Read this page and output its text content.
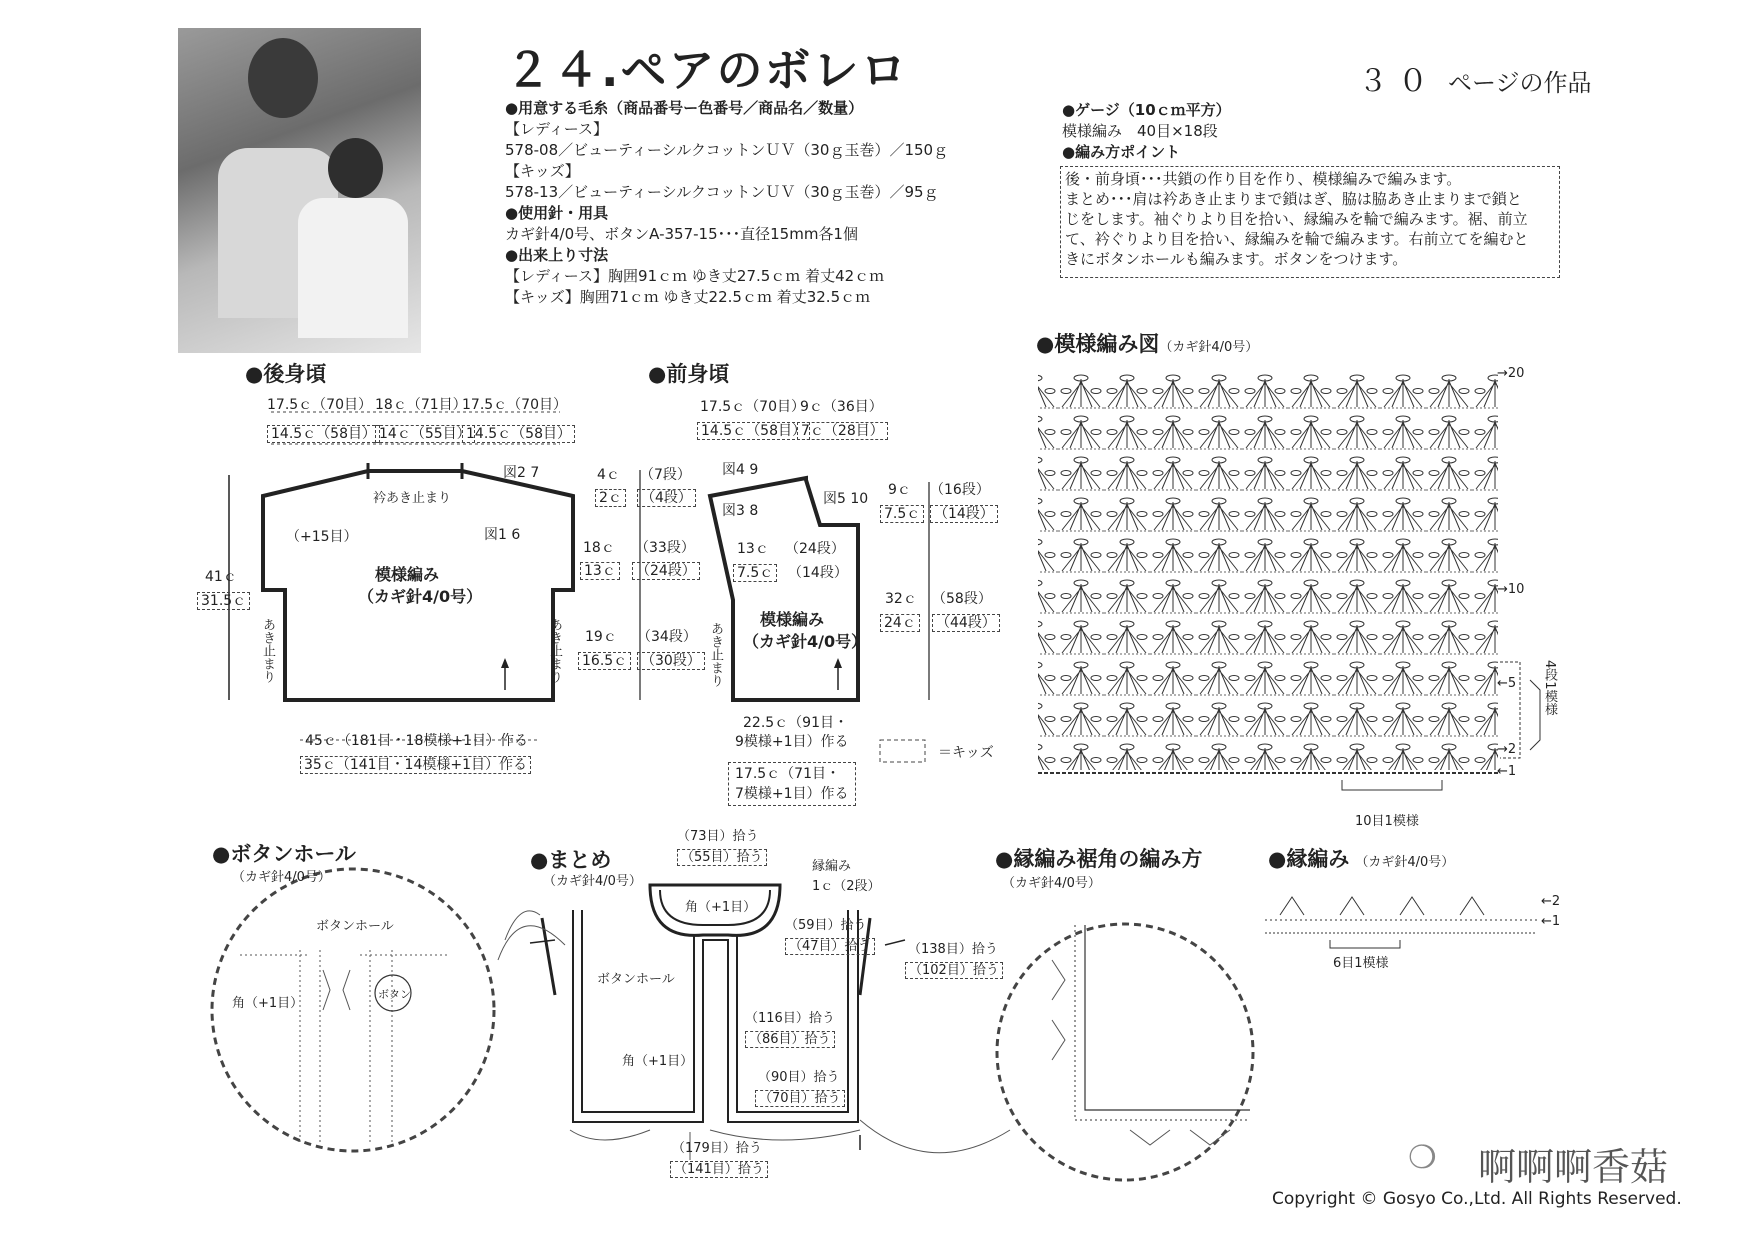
２４.ペアのボレロ	３０ ページの作品
●用意する毛糸（商品番号ー色番号／商品名／数量）
【レディース】
578-08／ビューティーシルクコットンＵＶ（30ｇ玉巻）／150ｇ
【キッズ】
578-13／ビューティーシルクコットンＵＶ（30ｇ玉巻）／95ｇ
●使用針・用具
カギ針4/0号、ボタンA-357-15･･･直径15mm各1個
●出来上り寸法
【レディース】胸囲91ｃｍ ゆき丈27.5ｃｍ 着丈42ｃｍ
【キッズ】胸囲71ｃｍ ゆき丈22.5ｃｍ 着丈32.5ｃｍ
●ゲージ（10ｃｍ平方）
模様編み　40目×18段
●編み方ポイント
後・前身頃･･･共鎖の作り目を作り、模様編みで編みます。
まとめ･･･肩は衿あき止まりまで鎖はぎ、脇は脇あき止まりまで鎖と
じをします。袖ぐりより目を拾い、縁編みを輪で編みます。裾、前立
て、衿ぐりより目を拾い、縁編みを輪で編みます。右前立てを編むと
きにボタンホールも編みます。ボタンをつけます。
●後身頃
17.5ｃ（70目） 18ｃ（71目）
17.5ｃ（70目）
14.5ｃ（58目） 14ｃ（55目）
14.5ｃ（58目）
衿あき止まり
図2 7
図1 6
（+15目）
模様編み
（カギ針4/0号）
41ｃ
31.5ｃ
あき止まり	あき止まり
45ｃ（181目・18模様+1目）作る
35ｃ（141目・14模様+1目）作る
●前身頃
17.5ｃ（70目）
9ｃ（36目）
14.5ｃ（58目）
7ｃ（28目）
4ｃ （7段）
2ｃ （4段）
18ｃ （33段）
13ｃ （24段）
19ｃ （34段）
16.5ｃ （30段）
図4 9
図3 8
図5 10
13ｃ （24段）
7.5ｃ （14段）
9ｃ （16段）
7.5ｃ （14段）
32ｃ （58段）
24ｃ （44段）
模様編み
（カギ針4/0号）
あき止まり
22.5ｃ（91目・
9模様+1目）作る
17.5ｃ（71目・
7模様+1目）作る
＝キッズ
●模様編み図（カギ針4/0号）
→20
→10
←5
→2
←1
4段1模様
10目1模様
●ボタンホール
（カギ針4/0号）
ボタンホール
ボタン
角（+1目）
●まとめ
（カギ針4/0号）
（73目）拾う
（55目）拾う
縁編み
1ｃ（2段）
角（+1目）
（59目）拾う
（47目）拾う	（138目）拾う
（102目）拾う
ボタンホール
（116目）拾う
（86目）拾う
角（+1目）
（90目）拾う
（70目）拾う
（179目）拾う
（141目）拾う
●縁編み裾角の編み方
（カギ針4/0号）
●縁編み （カギ針4/0号）
←2
←1
6目1模様
❍ 啊啊啊香菇
Copyright © Gosyo Co.,Ltd. All Rights Reserved.
